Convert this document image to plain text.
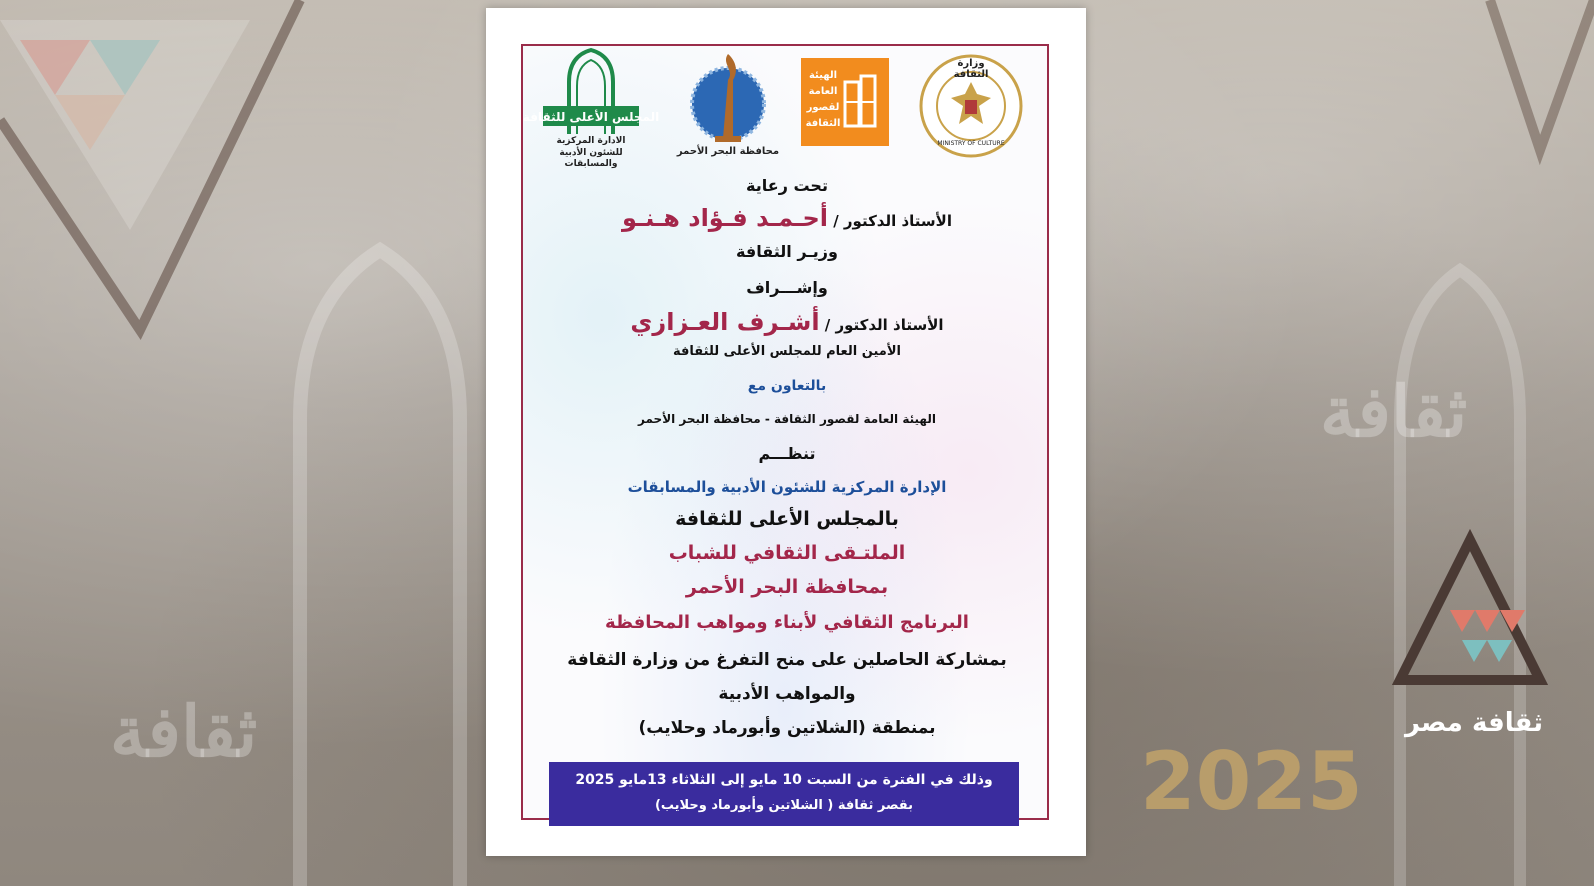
ثقافة
ثقافة
2025
ثقافة مصر
وزارة الثقافة
MINISTRY OF CULTURE
الهيئة العامة لقصور الثقافة
محافظة البحر الأحمر
المجلس الأعلى للثقافة
الادارة المركزية
للشئون الأدبية والمسابقات
تحت رعاية
الأستاذ الدكتور / أحـمـد فـؤاد هـنـو
وزيـر الثقافة
وإشـــراف
الأستاذ الدكتور / أشـرف العـزازي
الأمين العام للمجلس الأعلى للثقافة
بالتعاون مع
الهيئة العامة لقصور الثقافة - محافظة البحر الأحمر
تنظـــم
الإدارة المركزية للشئون الأدبية والمسابقات
بالمجلس الأعلى للثقافة
الملتـقى الثقافي للشباب
بمحافظة البحر الأحمر
البرنامج الثقافي لأبناء ومواهب المحافظة
بمشاركة الحاصلين على منح التفرغ من وزارة الثقافة
والمواهب الأدبية
بمنطقة (الشلاتين وأبورماد وحلايب)
وذلك في الفترة من السبت 10 مايو إلى الثلاثاء 13مايو 2025
بقصر ثقافة ( الشلاتين وأبورماد وحلايب)
